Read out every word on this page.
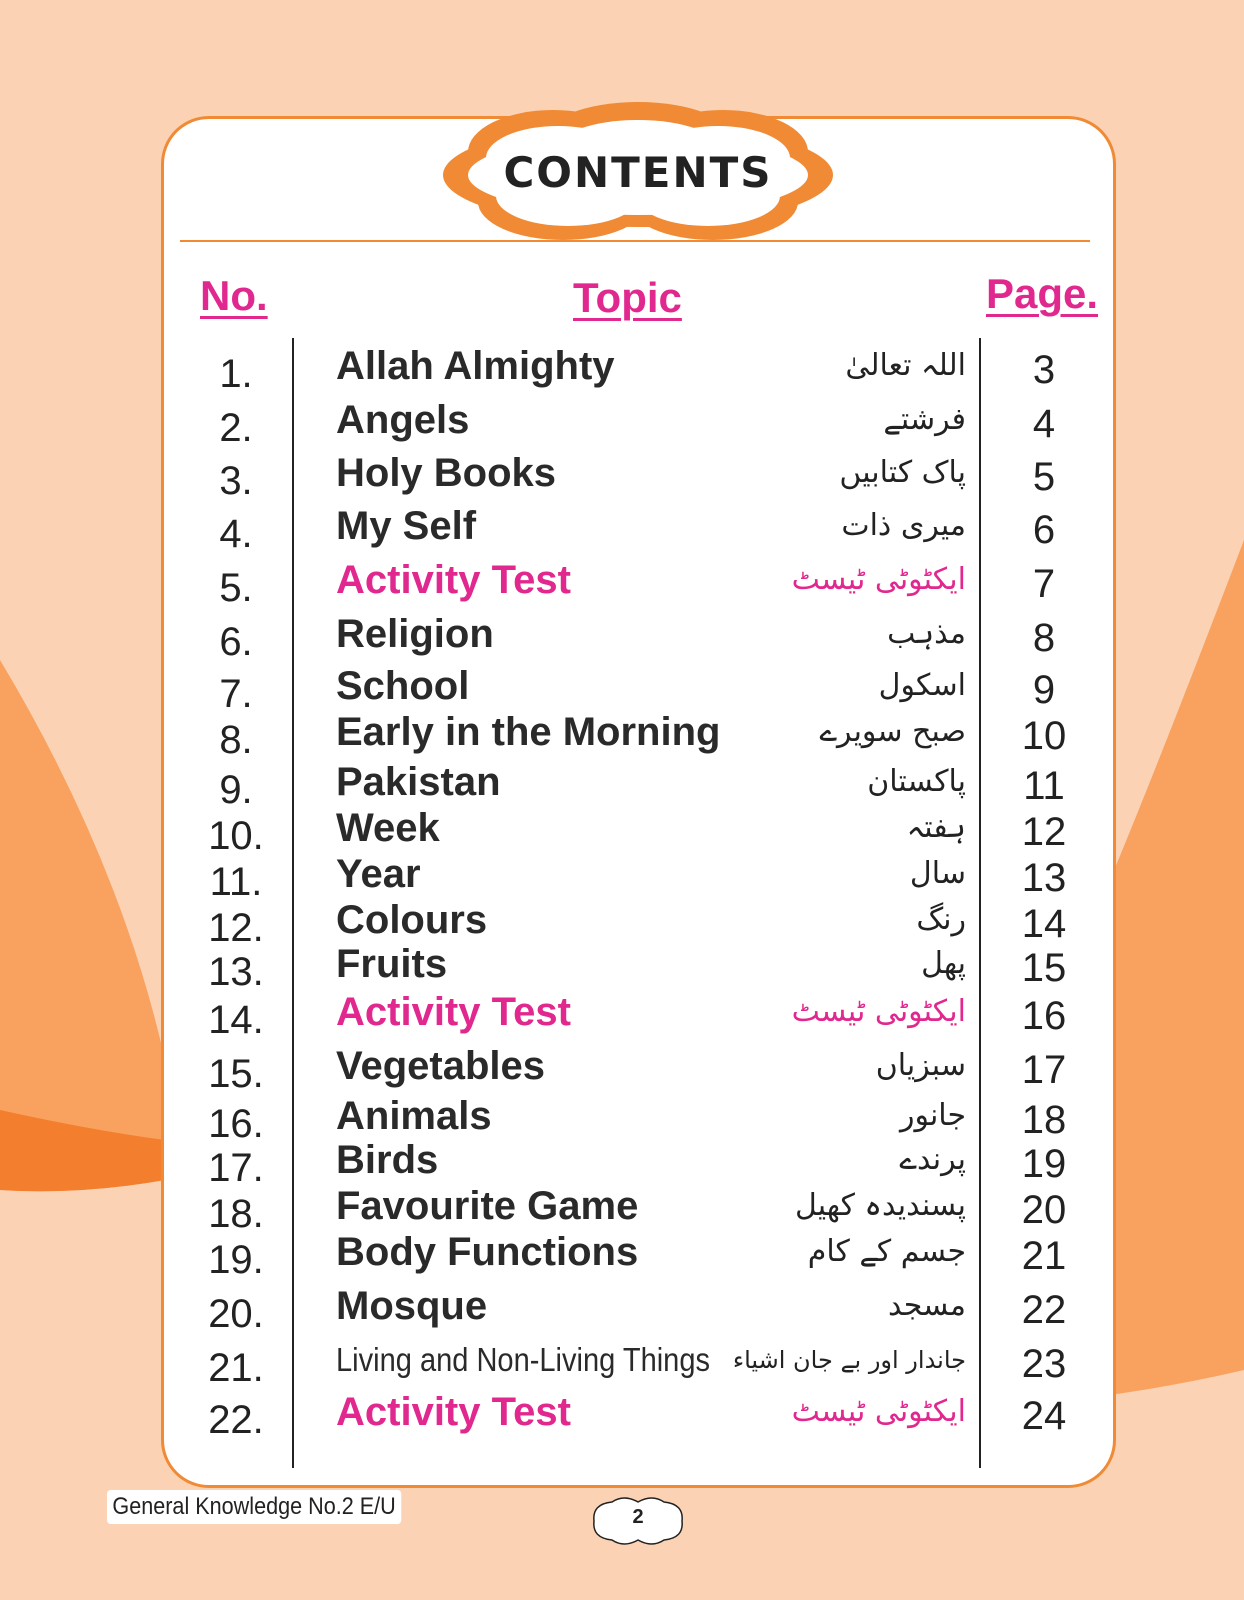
CONTENTS
No.	Topic	Page.
1.	Allah Almighty	اللہ تعالیٰ	3
2.	Angels	فرشتے	4
3.	Holy Books	پاک کتابیں	5
4.	My Self	میری ذات	6
5.	Activity Test	ایکٹوٹی ٹیسٹ	7
6.	Religion	مذہب	8
7.	School	اسکول	9
8.	Early in the Morning	صبح سویرے	10
9.	Pakistan	پاکستان	11
10.	Week	ہفتہ	12
11.	Year	سال	13
12.	Colours	رنگ	14
13.	Fruits	پھل	15
14.	Activity Test	ایکٹوٹی ٹیسٹ	16
15.	Vegetables	سبزیاں	17
16.	Animals	جانور	18
17.	Birds	پرندے	19
18.	Favourite Game	پسندیدہ کھیل	20
19.	Body Functions	جسم کے کام	21
20.	Mosque	مسجد	22
21.	Living and Non-Living Things جاندار اور بے جان اشیاء	23
22.	Activity Test	ایکٹوٹی ٹیسٹ	24
General Knowledge No.2 E/U	2
